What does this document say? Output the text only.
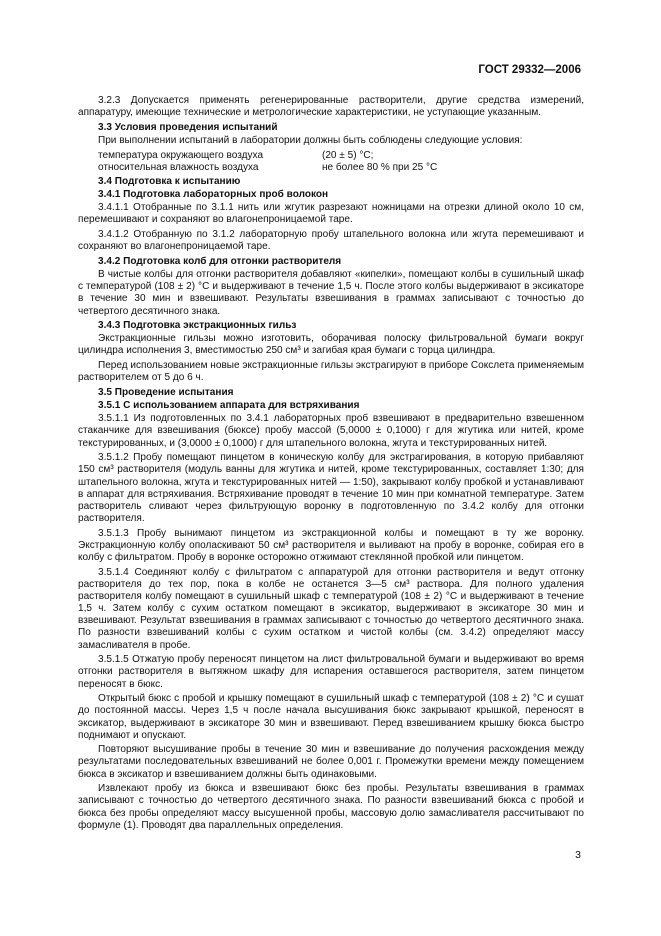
ГОСТ 29332—2006

3.2.3 Допускается применять регенерированные растворители, другие средства измерений, аппаратуру, имеющие технические и метрологические характеристики, не уступающие указанным.

3.3 Условия проведения испытаний

При выполнении испытаний в лаборатории должны быть соблюдены следующие условия:

температура окружающего воздуха	(20 ± 5) °С;
относительная влажность воздуха	не более 80 % при 25 °С

3.4 Подготовка к испытанию

3.4.1 Подготовка лабораторных проб волокон

3.4.1.1 Отобранные по 3.1.1 нить или жгутик разрезают ножницами на отрезки длиной около 10 см, перемешивают и сохраняют во влагонепроницаемой таре.

3.4.1.2 Отобранную по 3.1.2 лабораторную пробу штапельного волокна или жгута перемешивают и сохраняют во влагонепроницаемой таре.

3.4.2 Подготовка колб для отгонки растворителя

В чистые колбы для отгонки растворителя добавляют «кипелки», помещают колбы в сушильный шкаф с температурой (108 ± 2) °С и выдерживают в течение 1,5 ч. После этого колбы выдерживают в эксикаторе в течение 30 мин и взвешивают. Результаты взвешивания в граммах записывают с точностью до четвертого десятичного знака.

3.4.3 Подготовка экстракционных гильз

Экстракционные гильзы можно изготовить, оборачивая полоску фильтровальной бумаги вокруг цилиндра исполнения 3, вместимостью 250 см³ и загибая края бумаги с торца цилиндра.

Перед использованием новые экстракционные гильзы экстрагируют в приборе Сокслета применяемым растворителем от 5 до 6 ч.

3.5 Проведение испытания

3.5.1 С использованием аппарата для встряхивания

3.5.1.1 Из подготовленных по 3.4.1 лабораторных проб взвешивают в предварительно взвешенном стаканчике для взвешивания (бюксе) пробу массой (5,0000 ± 0,1000) г для жгутика или нитей, кроме текстурированных, и (3,0000 ± 0,1000) г для штапельного волокна, жгута и текстурированных нитей.

3.5.1.2 Пробу помещают пинцетом в коническую колбу для экстрагирования, в которую прибавляют 150 см³ растворителя (модуль ванны для жгутика и нитей, кроме текстурированных, составляет 1:30; для штапельного волокна, жгута и текстурированных нитей — 1:50), закрывают колбу пробкой и устанавливают в аппарат для встряхивания. Встряхивание проводят в течение 10 мин при комнатной температуре. Затем растворитель сливают через фильтрующую воронку в подготовленную по 3.4.2 колбу для отгонки растворителя.

3.5.1.3 Пробу вынимают пинцетом из экстракционной колбы и помещают в ту же воронку. Экстракционную колбу ополаскивают 50 см³ растворителя и выливают на пробу в воронке, собирая его в колбу с фильтратом. Пробу в воронке осторожно отжимают стеклянной пробкой или пинцетом.

3.5.1.4 Соединяют колбу с фильтратом с аппаратурой для отгонки растворителя и ведут отгонку растворителя до тех пор, пока в колбе не останется 3—5 см³ раствора. Для полного удаления растворителя колбу помещают в сушильный шкаф с температурой (108 ± 2) °С и выдерживают в течение 1,5 ч. Затем колбу с сухим остатком помещают в эксикатор, выдерживают в эксикаторе 30 мин и взвешивают. Результат взвешивания в граммах записывают с точностью до четвертого десятичного знака. По разности взвешиваний колбы с сухим остатком и чистой колбы (см. 3.4.2) определяют массу замасливателя в пробе.

3.5.1.5 Отжатую пробу переносят пинцетом на лист фильтровальной бумаги и выдерживают во время отгонки растворителя в вытяжном шкафу для испарения оставшегося растворителя, затем пинцетом переносят в бюкс.

Открытый бюкс с пробой и крышку помещают в сушильный шкаф с температурой (108 ± 2) °С и сушат до постоянной массы. Через 1,5 ч после начала высушивания бюкс закрывают крышкой, переносят в эксикатор, выдерживают в эксикаторе 30 мин и взвешивают. Перед взвешиванием крышку бюкса быстро поднимают и опускают.

Повторяют высушивание пробы в течение 30 мин и взвешивание до получения расхождения между результатами последовательных взвешиваний не более 0,001 г. Промежутки времени между помещением бюкса в эксикатор и взвешиванием должны быть одинаковыми.

Извлекают пробу из бюкса и взвешивают бюкс без пробы. Результаты взвешивания в граммах записывают с точностью до четвертого десятичного знака. По разности взвешиваний бюкса с пробой и бюкса без пробы определяют массу высушенной пробы, массовую долю замасливателя рассчитывают по формуле (1). Проводят два параллельных определения.

3
